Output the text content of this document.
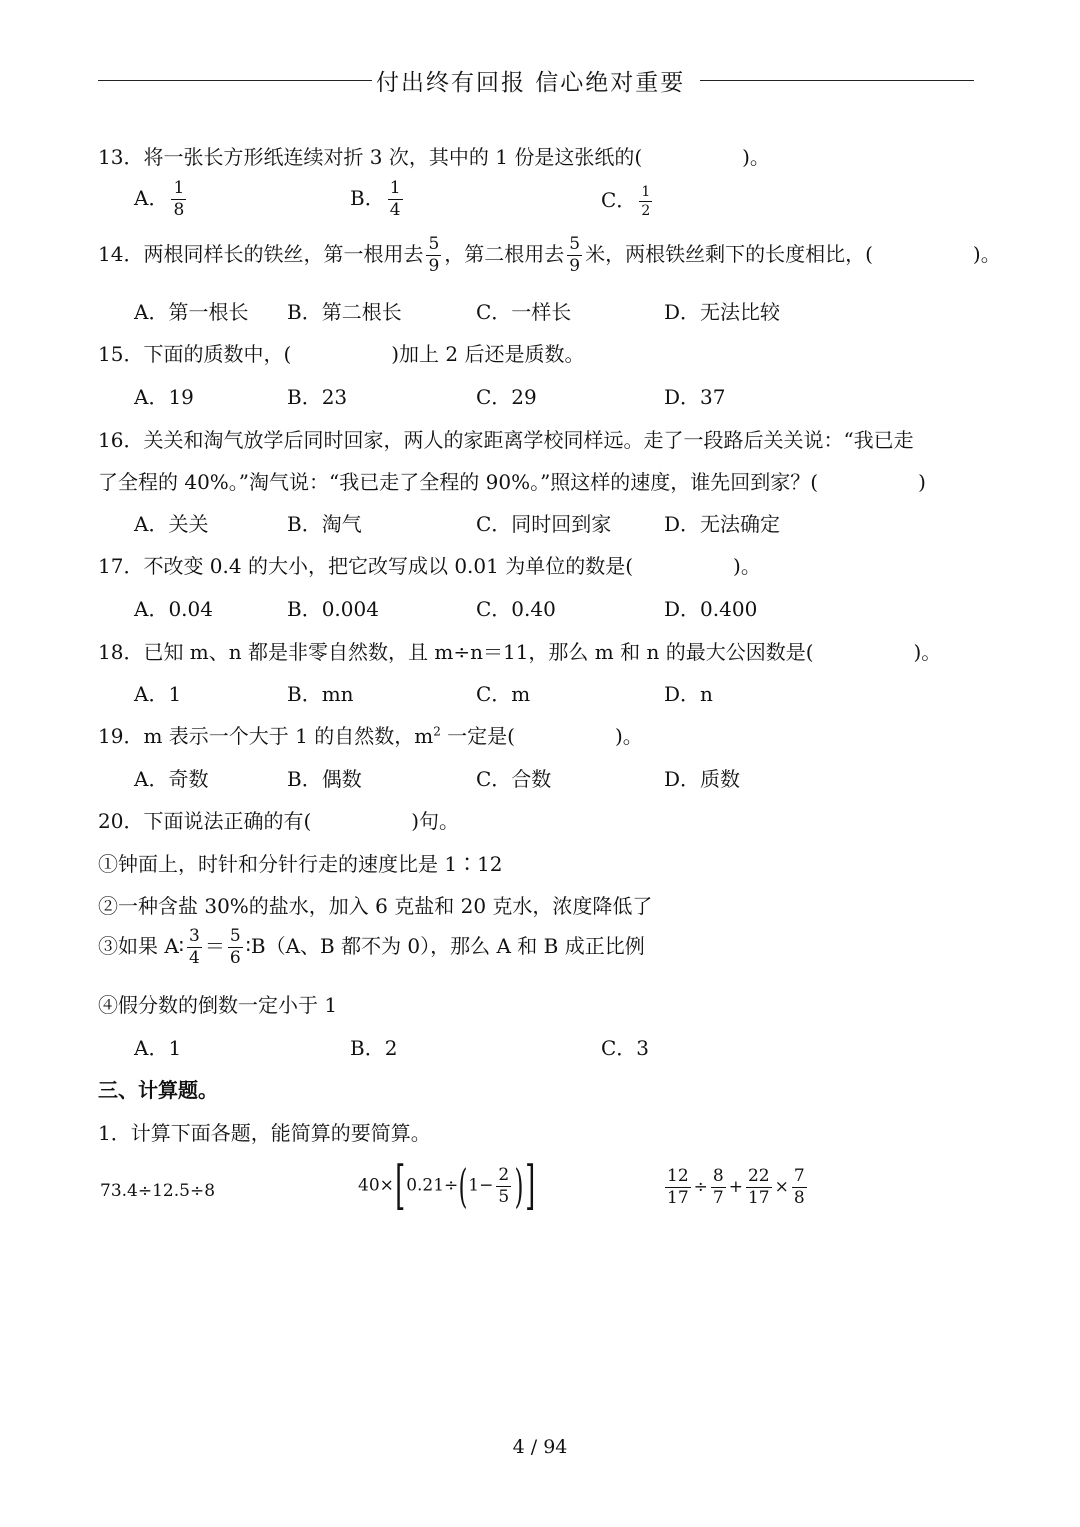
付出终有回报 信心绝对重要
13．将一张长方形纸连续对折 3 次，其中的 1 份是这张纸的(　　　　　)。
A． $\frac{1}{8}$	B． $\frac{1}{4}$	C． $\frac{1}{2}$
14．两根同样长的铁丝，第一根用去 $\frac{5}{9}$ ，第二根用去 $\frac{5}{9}$ 米，两根铁丝剩下的长度相比，(　　　　　)。
A．第一根长 B．第二根长	C．一样长	D．无法比较
15．下面的质数中，(　　　　　)加上 2 后还是质数。
A．19	B．23	C．29	D．37
16．关关和淘气放学后同时回家，两人的家距离学校同样远。走了一段路后关关说：“我已走
了全程的 40%。”淘气说：“我已走了全程的 90%。”照这样的速度，谁先回到家？(　　　　　)
A．关关	B．淘气	C．同时回到家	D．无法确定
17．不改变 0.4 的大小，把它改写成以 0.01 为单位的数是(　　　　　)。
A．0.04	B．0.004	C．0.40	D．0.400
18．已知 m、n 都是非零自然数，且 m÷n＝11，那么 m 和 n 的最大公因数是(　　　　　)。
A．1	B．mn	C．m	D．n
19．m 表示一个大于 1 的自然数，$m^2$ 一定是(　　　　　)。
A．奇数	B．偶数	C．合数	D．质数
20．下面说法正确的有(　　　　　)句。
①钟面上，时针和分针行走的速度比是 1∶12
②一种含盐 30%的盐水，加入 6 克盐和 20 克水，浓度降低了
③如果 A∶ $\frac{3}{4} = \frac{5}{6}$ ∶B（A、B 都不为 0），那么 A 和 B 成正比例
④假分数的倒数一定小于 1
A．1	B．2	C．3
三、计算题。
1．计算下面各题，能简算的要简算。
73.4÷12.5÷8	$40\times[0.21\div(1- \frac{2}{5}$ )]	$\frac{12}{17} \div \frac{8}{7} + \frac{22}{17} \times \frac{7}{8}$
4 / 94
